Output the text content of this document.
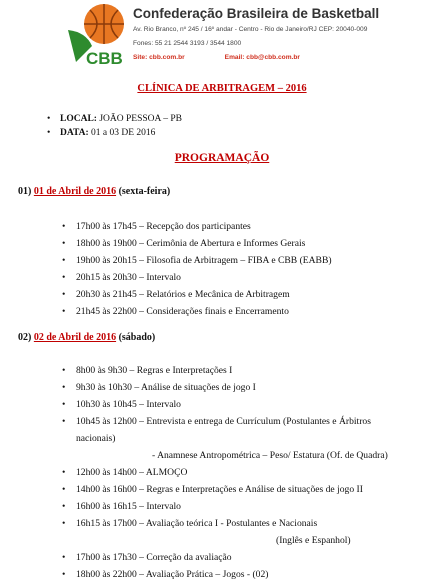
CBB
Confederação Brasileira de Basketball
Av. Rio Branco, nº 245 / 16º andar - Centro - Rio de Janeiro/RJ CEP: 20040-009
Fones: 55 21 2544 3193 / 3544 1800
Site: cbb.com.br	Email: cbb@cbb.com.br
CLÍNICA DE ARBITRAGEM – 2016
• LOCAL: JOÃO PESSOA – PB
• DATA: 01 a 03 DE 2016
PROGRAMAÇÃO
01) 01 de Abril de 2016 (sexta-feira)
• 17h00 às 17h45 – Recepção dos participantes
• 18h00 às 19h00 – Cerimônia de Abertura e Informes Gerais
• 19h00 às 20h15 – Filosofia de Arbitragem – FIBA e CBB (EABB)
• 20h15 às 20h30 – Intervalo
• 20h30 às 21h45 – Relatórios e Mecânica de Arbitragem
• 21h45 às 22h00 – Considerações finais e Encerramento
02) 02 de Abril de 2016 (sábado)
• 8h00 às 9h30 – Regras e Interpretações I
• 9h30 às 10h30 – Análise de situações de jogo I
• 10h30 às 10h45 – Intervalo
• 10h45 às 12h00 – Entrevista e entrega de Currículum (Postulantes e Árbitros
nacionais)
- Anamnese Antropométrica – Peso/ Estatura (Of. de Quadra)
• 12h00 às 14h00 – ALMOÇO
• 14h00 às 16h00 – Regras e Interpretações e Análise de situações de jogo II
• 16h00 às 16h15 – Intervalo
• 16h15 às 17h00 – Avaliação teórica I - Postulantes e Nacionais
(Inglês e Espanhol)
• 17h00 às 17h30 – Correção da avaliação
• 18h00 às 22h00 – Avaliação Prática – Jogos - (02)
